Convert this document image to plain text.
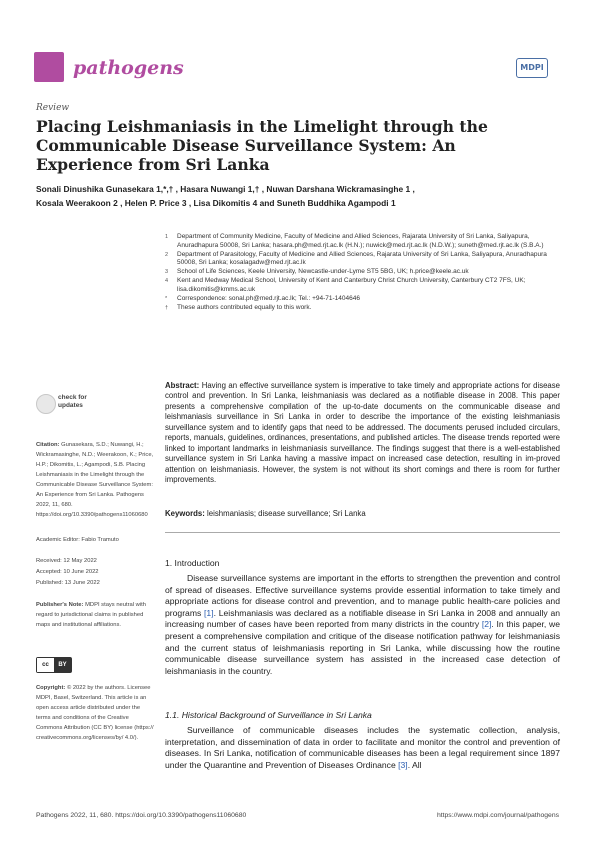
pathogens	MDPI
Review
Placing Leishmaniasis in the Limelight through the Communicable Disease Surveillance System: An Experience from Sri Lanka
Sonali Dinushika Gunasekara 1,*,† , Hasara Nuwangi 1,† , Nuwan Darshana Wickramasinghe 1 ,
Kosala Weerakoon 2 , Helen P. Price 3 , Lisa Dikomitis 4 and Suneth Buddhika Agampodi 1
1	Department of Community Medicine, Faculty of Medicine and Allied Sciences, Rajarata University of Sri Lanka, Saliyapura, Anuradhapura 50008, Sri Lanka; hasara.ph@med.rjt.ac.lk (H.N.); nuwick@med.rjt.ac.lk (N.D.W.); suneth@med.rjt.ac.lk (S.B.A.)
2	Department of Parasitology, Faculty of Medicine and Allied Sciences, Rajarata University of Sri Lanka, Saliyapura, Anuradhapura 50008, Sri Lanka; kosalagadw@med.rjt.ac.lk
3	School of Life Sciences, Keele University, Newcastle-under-Lyme ST5 5BG, UK; h.price@keele.ac.uk
4	Kent and Medway Medical School, University of Kent and Canterbury Christ Church University, Canterbury CT2 7FS, UK; lisa.dikomitis@kmms.ac.uk
*	Correspondence: sonal.ph@med.rjt.ac.lk; Tel.: +94-71-1404646
†	These authors contributed equally to this work.
Abstract: Having an effective surveillance system is imperative to take timely and appropriate actions for disease control and prevention. In Sri Lanka, leishmaniasis was declared as a notifiable disease in 2008. This paper presents a comprehensive compilation of the up-to-date documents on the communicable disease and leishmaniasis surveillance in Sri Lanka in order to describe the importance of the existing leishmaniasis surveillance system and to identify gaps that need to be addressed. The documents perused included circulars, reports, manuals, guidelines, ordinances, presentations, and published articles. The disease trends reported were linked to important landmarks in leishmaniasis surveillance. The findings suggest that there is a well-established surveillance system in Sri Lanka having a massive impact on increased case detection, resulting in im-proved attention on leishmaniasis. However, the system is not without its short comings and there is room for further improvements.
Keywords: leishmaniasis; disease surveillance; Sri Lanka
check for updates
Citation: Gunasekara, S.D.; Nuwangi, H.; Wickramasinghe, N.D.; Weerakoon, K.; Price, H.P.; Dikomitis, L.; Agampodi, S.B. Placing Leishmaniasis in the Limelight through the Communicable Disease Surveillance System: An Experience from Sri Lanka. Pathogens 2022, 11, 680. https://doi.org/10.3390/pathogens11060680
Academic Editor: Fabio Tramuto
Received: 12 May 2022
Accepted: 10 June 2022
Published: 13 June 2022
Publisher's Note: MDPI stays neutral with regard to jurisdictional claims in published maps and institutional affiliations.
cc	BY
Copyright: © 2022 by the authors. Licensee MDPI, Basel, Switzerland. This article is an open access article distributed under the terms and conditions of the Creative Commons Attribution (CC BY) license (https:// creativecommons.org/licenses/by/ 4.0/).
1. Introduction
Disease surveillance systems are important in the efforts to strengthen the prevention and control of spread of diseases. Effective surveillance systems provide essential information to take timely and appropriate actions for disease control and prevention, and to manage public health-care policies and programs [1]. Leishmaniasis was declared as a notifiable disease in Sri Lanka in 2008 and annually an increasing number of cases have been reported from many districts in the country [2]. In this paper, we present a comprehensive compilation and critique of the disease notification pathway for leishmaniasis and the current status of leishmaniasis reporting in Sri Lanka, while discussing how the routine communicable disease surveillance system has assisted in the increased case detection of leishmaniasis in the country.
1.1. Historical Background of Surveillance in Sri Lanka
Surveillance of communicable diseases includes the systematic collection, analysis, interpretation, and dissemination of data in order to facilitate and monitor the control and prevention of diseases. In Sri Lanka, notification of communicable diseases has been a legal requirement since 1897 under the Quarantine and Prevention of Diseases Ordinance [3]. All
Pathogens 2022, 11, 680. https://doi.org/10.3390/pathogens11060680	https://www.mdpi.com/journal/pathogens
